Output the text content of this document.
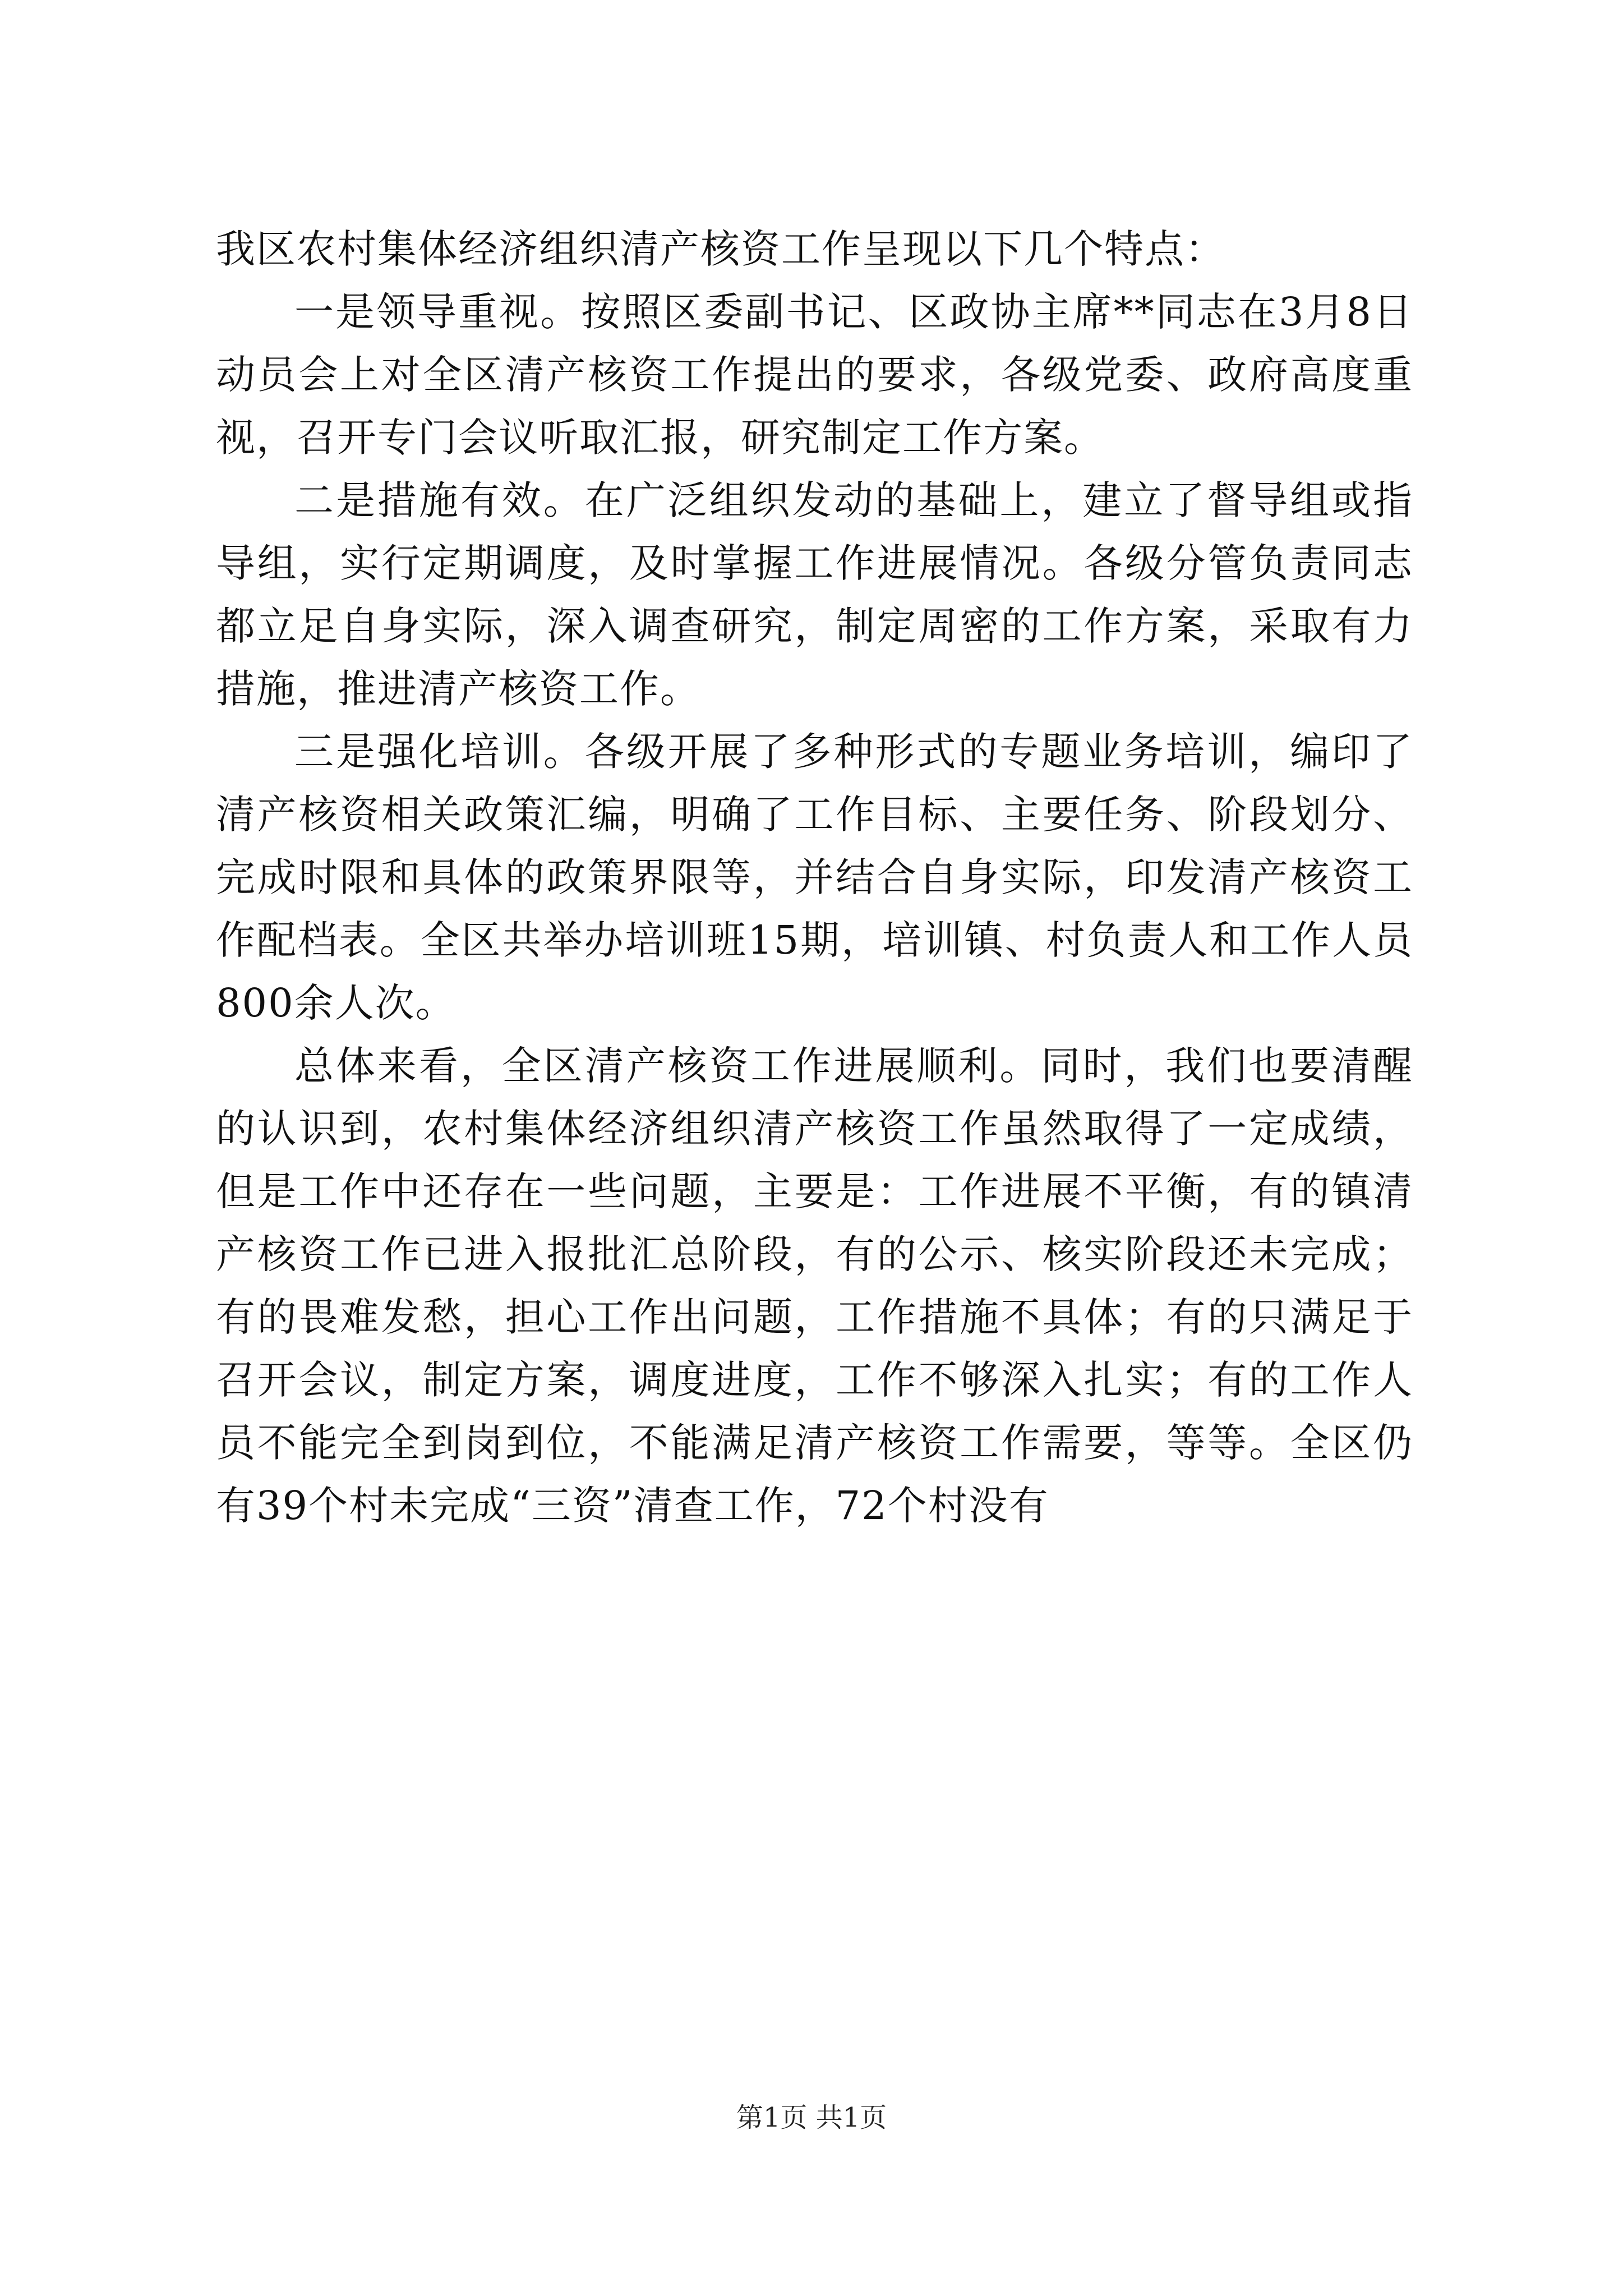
我区农村集体经济组织清产核资工作呈现以下几个特点：

一是领导重视。按照区委副书记、区政协主席**同志在3月8日动员会上对全区清产核资工作提出的要求，各级党委、政府高度重视，召开专门会议听取汇报，研究制定工作方案。

二是措施有效。在广泛组织发动的基础上，建立了督导组或指导组，实行定期调度，及时掌握工作进展情况。各级分管负责同志都立足自身实际，深入调查研究，制定周密的工作方案，采取有力措施，推进清产核资工作。

三是强化培训。各级开展了多种形式的专题业务培训，编印了清产核资相关政策汇编，明确了工作目标、主要任务、阶段划分、完成时限和具体的政策界限等，并结合自身实际，印发清产核资工作配档表。全区共举办培训班15期，培训镇、村负责人和工作人员800余人次。

总体来看，全区清产核资工作进展顺利。同时，我们也要清醒的认识到，农村集体经济组织清产核资工作虽然取得了一定成绩，但是工作中还存在一些问题，主要是：工作进展不平衡，有的镇清产核资工作已进入报批汇总阶段，有的公示、核实阶段还未完成；有的畏难发愁，担心工作出问题，工作措施不具体；有的只满足于召开会议，制定方案，调度进度，工作不够深入扎实；有的工作人员不能完全到岗到位，不能满足清产核资工作需要，等等。全区仍有39个村未完成“三资”清查工作，72个村没有

第1页 共1页
